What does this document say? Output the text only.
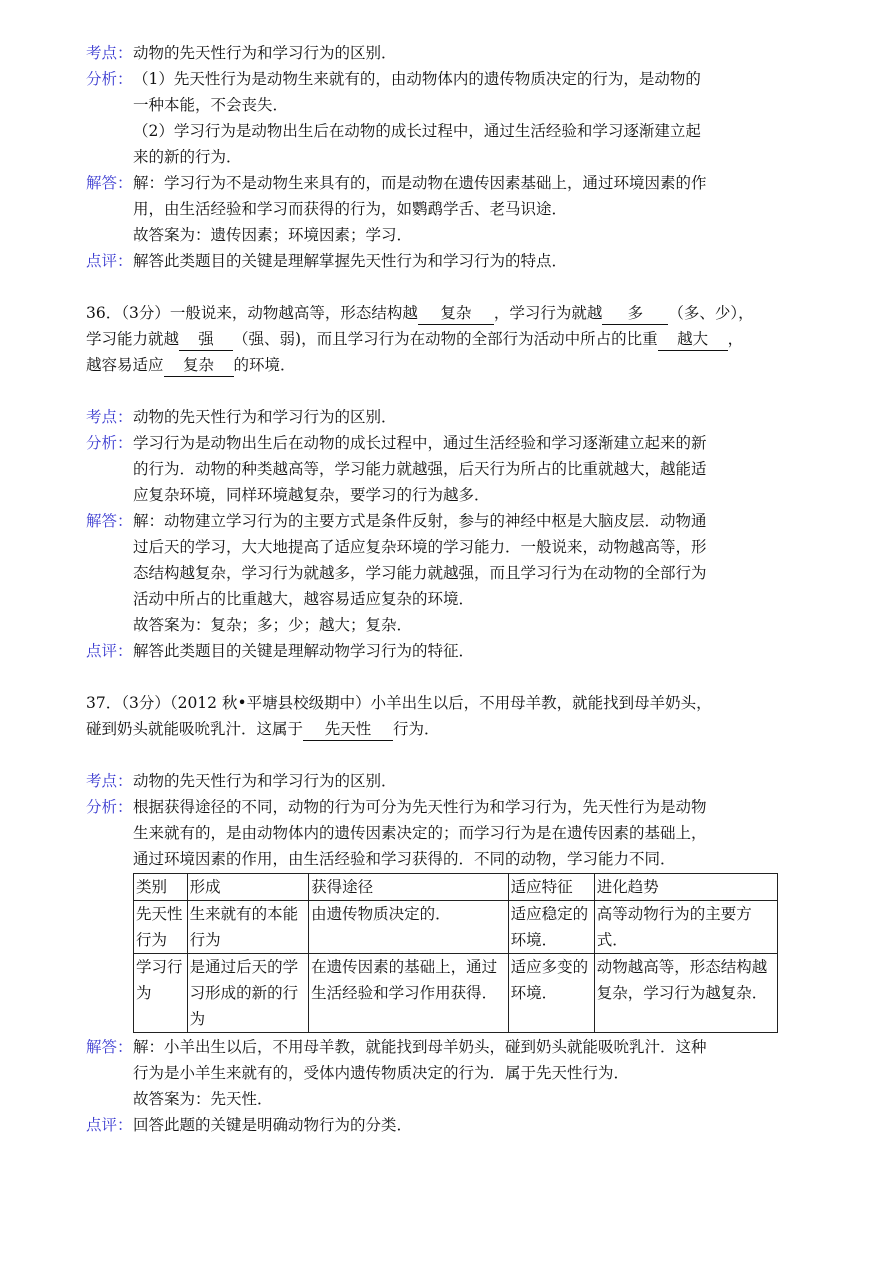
考点： 动物的先天性行为和学习行为的区别．
分析： （1）先天性行为是动物生来就有的，由动物体内的遗传物质决定的行为，是动物的
一种本能，不会丧失．
（2）学习行为是动物出生后在动物的成长过程中，通过生活经验和学习逐渐建立起
来的新的行为．
解答： 解：学习行为不是动物生来具有的，而是动物在遗传因素基础上，通过环境因素的作
用，由生活经验和学习而获得的行为，如鹦鹉学舌、老马识途．
故答案为：遗传因素；环境因素；学习．
点评： 解答此类题目的关键是理解掌握先天性行为和学习行为的特点．
36．（3分）一般说来，动物越高等，形态结构越 复杂 ，学习行为就越 多 （多、少），
学习能力就越 强 （强、弱)，而且学习行为在动物的全部行为活动中所占的比重 越大 ，
越容易适应 复杂 的环境．
考点： 动物的先天性行为和学习行为的区别．
分析： 学习行为是动物出生后在动物的成长过程中，通过生活经验和学习逐渐建立起来的新
的行为．动物的种类越高等，学习能力就越强，后天行为所占的比重就越大，越能适
应复杂环境，同样环境越复杂，要学习的行为越多．
解答： 解：动物建立学习行为的主要方式是条件反射，参与的神经中枢是大脑皮层．动物通
过后天的学习，大大地提高了适应复杂环境的学习能力．一般说来，动物越高等，形
态结构越复杂，学习行为就越多，学习能力就越强，而且学习行为在动物的全部行为
活动中所占的比重越大，越容易适应复杂的环境．
故答案为：复杂；多；少；越大；复杂．
点评： 解答此类题目的关键是理解动物学习行为的特征．
37．（3分）（2012 秋•平塘县校级期中）小羊出生以后，不用母羊教，就能找到母羊奶头，
碰到奶头就能吸吮乳汁．这属于 先天性 行为．
考点： 动物的先天性行为和学习行为的区别．
分析： 根据获得途径的不同，动物的行为可分为先天性行为和学习行为，先天性行为是动物
生来就有的，是由动物体内的遗传因素决定的；而学习行为是在遗传因素的基础上，
通过环境因素的作用，由生活经验和学习获得的．不同的动物，学习能力不同．
类别	形成	获得途径	适应特征	进化趋势
先天性行为	生来就有的本能行为	由遗传物质决定的．	适应稳定的环境．	高等动物行为的主要方式．
学习行为	是通过后天的学习形成的新的行为	在遗传因素的基础上，通过生活经验和学习作用获得．	适应多变的环境．	动物越高等，形态结构越复杂，学习行为越复杂．
解答： 解：小羊出生以后，不用母羊教，就能找到母羊奶头，碰到奶头就能吸吮乳汁．这种
行为是小羊生来就有的，受体内遗传物质决定的行为．属于先天性行为．
故答案为：先天性．
点评： 回答此题的关键是明确动物行为的分类．
